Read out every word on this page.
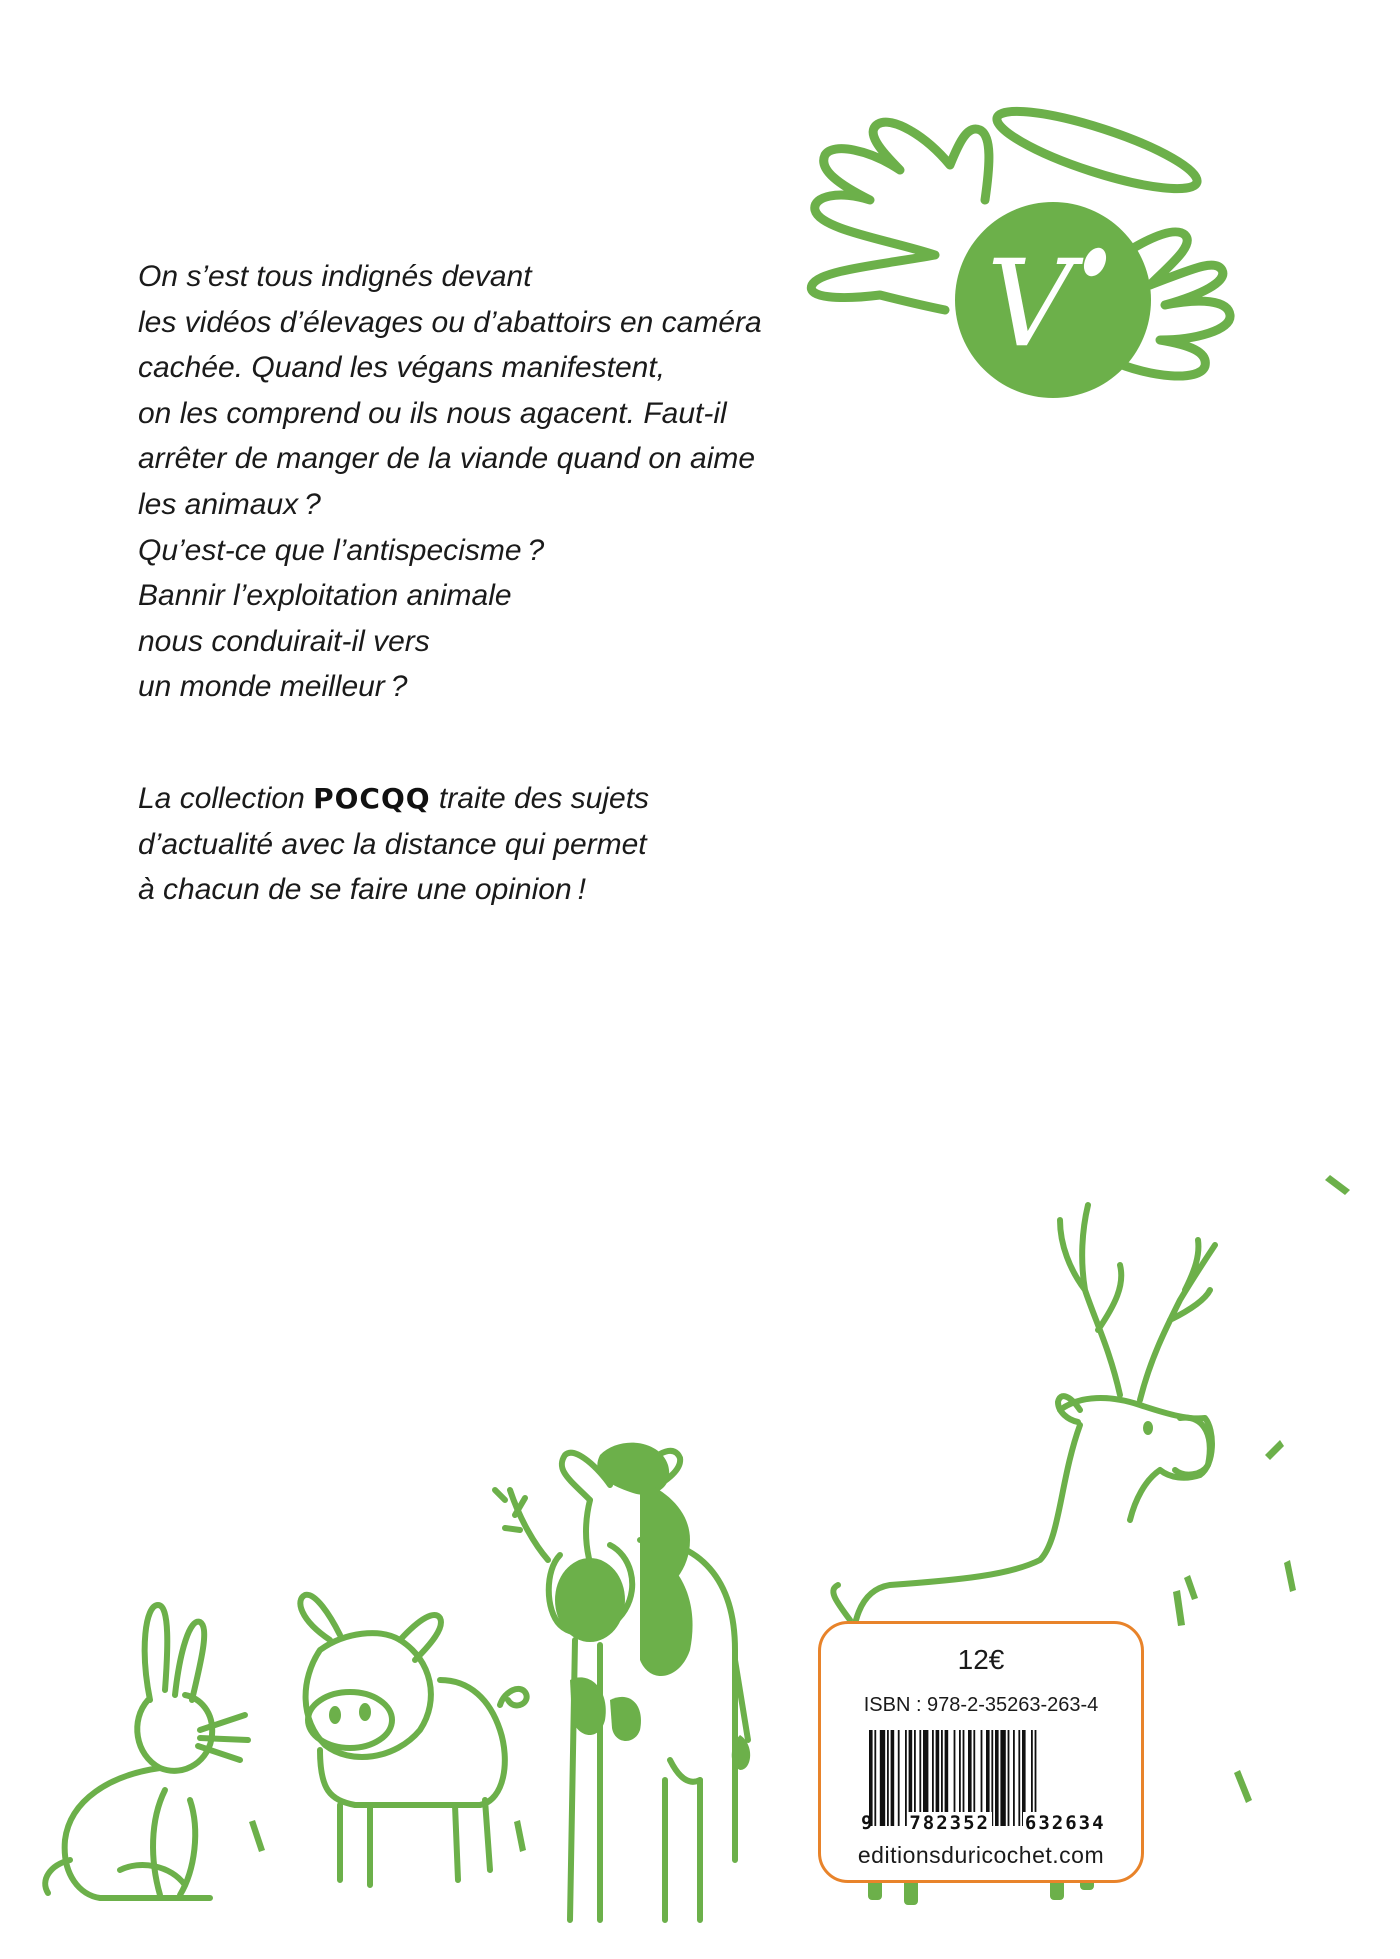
On s’est tous indignés devant
les vidéos d’élevages ou d’abattoirs en caméra
cachée. Quand les végans manifestent,
on les comprend ou ils nous agacent. Faut-il
arrêter de manger de la viande quand on aime
les animaux ?
Qu’est-ce que l’antispecisme ?
Bannir l’exploitation animale
nous conduirait-il vers
un monde meilleur ?
La collection POCQQ traite des sujets
d’actualité avec la distance qui permet
à chacun de se faire une opinion !
V
12€
ISBN : 978-2-35263-263-4
9 782352 632634
editionsduricochet.com
